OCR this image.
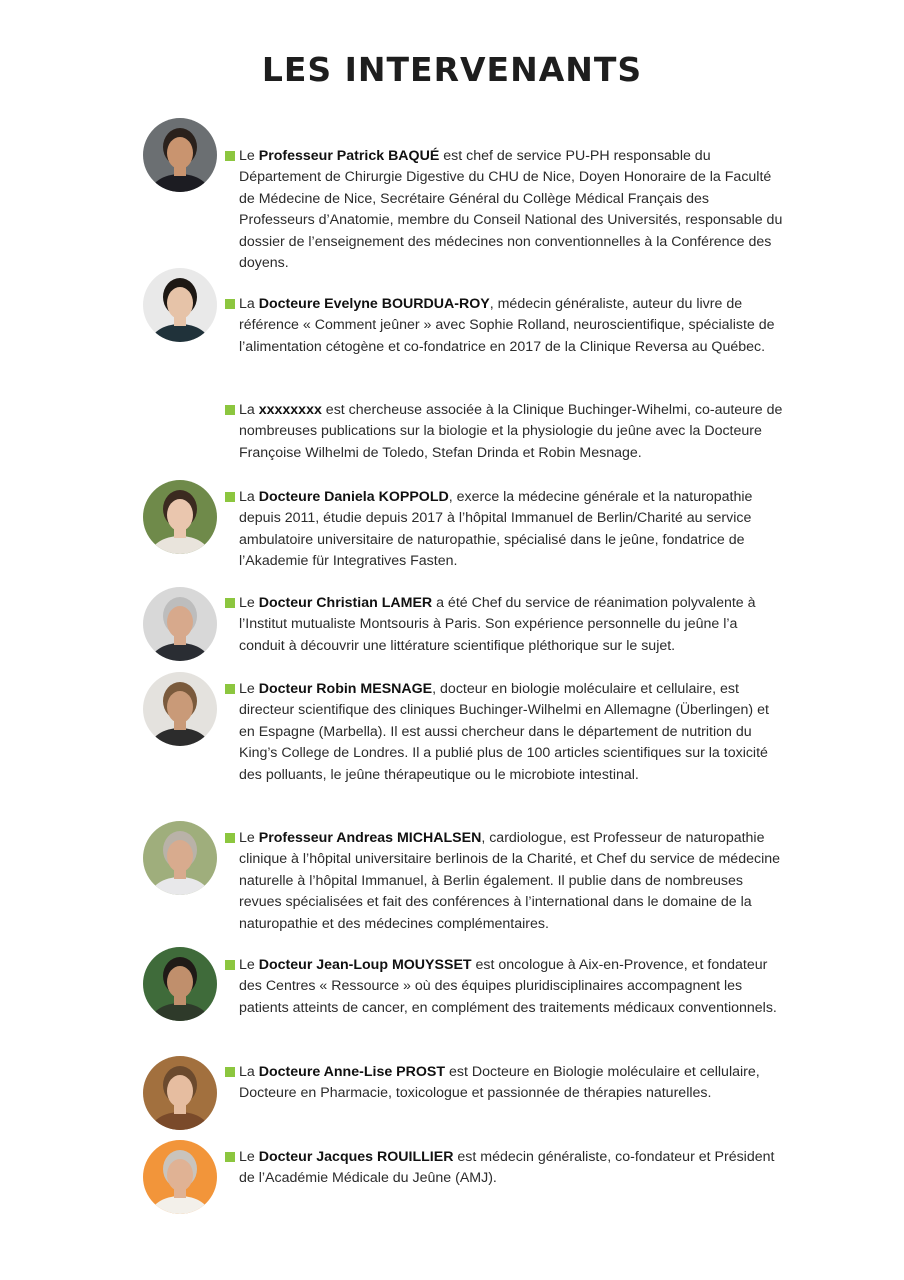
LES INTERVENANTS
Le Professeur Patrick BAQUÉ est chef de service PU-PH responsable du Département de Chirurgie Digestive du CHU de Nice, Doyen Honoraire de la Faculté de Médecine de Nice, Secrétaire Général du Collège Médical Français des Professeurs d’Anatomie, membre du Conseil National des Universités, responsable du dossier de l’enseignement des médecines non conventionnelles à la Conférence des doyens.
La Docteure Evelyne BOURDUA-ROY, médecin généraliste, auteur du livre de référence « Comment jeûner » avec Sophie Rolland, neuroscientifique, spécialiste de l’alimentation cétogène et co-fondatrice en 2017 de la Clinique Reversa au Québec.
La xxxxxxxx est chercheuse associée à la Clinique Buchinger-Wihelmi, co-auteure de nombreuses publications sur la biologie et la physiologie du jeûne avec la Docteure Françoise Wilhelmi de Toledo, Stefan Drinda et Robin Mesnage.
La Docteure Daniela KOPPOLD, exerce la médecine générale et la naturopathie depuis 2011, étudie depuis 2017 à l’hôpital Immanuel de Berlin/Charité au service ambulatoire universitaire de naturopathie, spécialisé dans le jeûne, fondatrice de l’Akademie für Integratives Fasten.
Le Docteur Christian LAMER a été Chef du service de réanimation polyvalente à l’Institut mutualiste Montsouris à Paris. Son expérience personnelle du jeûne l’a conduit à découvrir une littérature scientifique pléthorique sur le sujet.
Le Docteur Robin MESNAGE, docteur en biologie moléculaire et cellulaire, est directeur scientifique des cliniques Buchinger-Wilhelmi en Allemagne (Überlingen) et en Espagne (Marbella). Il est aussi chercheur dans le département de nutrition du King’s College de Londres. Il a publié plus de 100 articles scientifiques sur la toxicité des polluants, le jeûne thérapeutique ou le microbiote intestinal.
Le Professeur Andreas MICHALSEN, cardiologue, est Professeur de naturopathie clinique à l’hôpital universitaire berlinois de la Charité, et Chef du service de médecine naturelle à l’hôpital Immanuel, à Berlin également. Il publie dans de nombreuses revues spécialisées et fait des conférences à l’international dans le domaine de la naturopathie et des médecines complémentaires.
Le Docteur Jean-Loup MOUYSSET est oncologue à Aix-en-Provence, et fondateur des Centres « Ressource » où des équipes pluridisciplinaires accompagnent les patients atteints de cancer, en complément des traitements médicaux conventionnels.
La Docteure Anne-Lise PROST est Docteure en Biologie moléculaire et cellulaire, Docteure en Pharmacie, toxicologue et passionnée de thérapies naturelles.
Le Docteur Jacques ROUILLIER est médecin généraliste, co-fondateur et Président de l’Académie Médicale du Jeûne (AMJ).
